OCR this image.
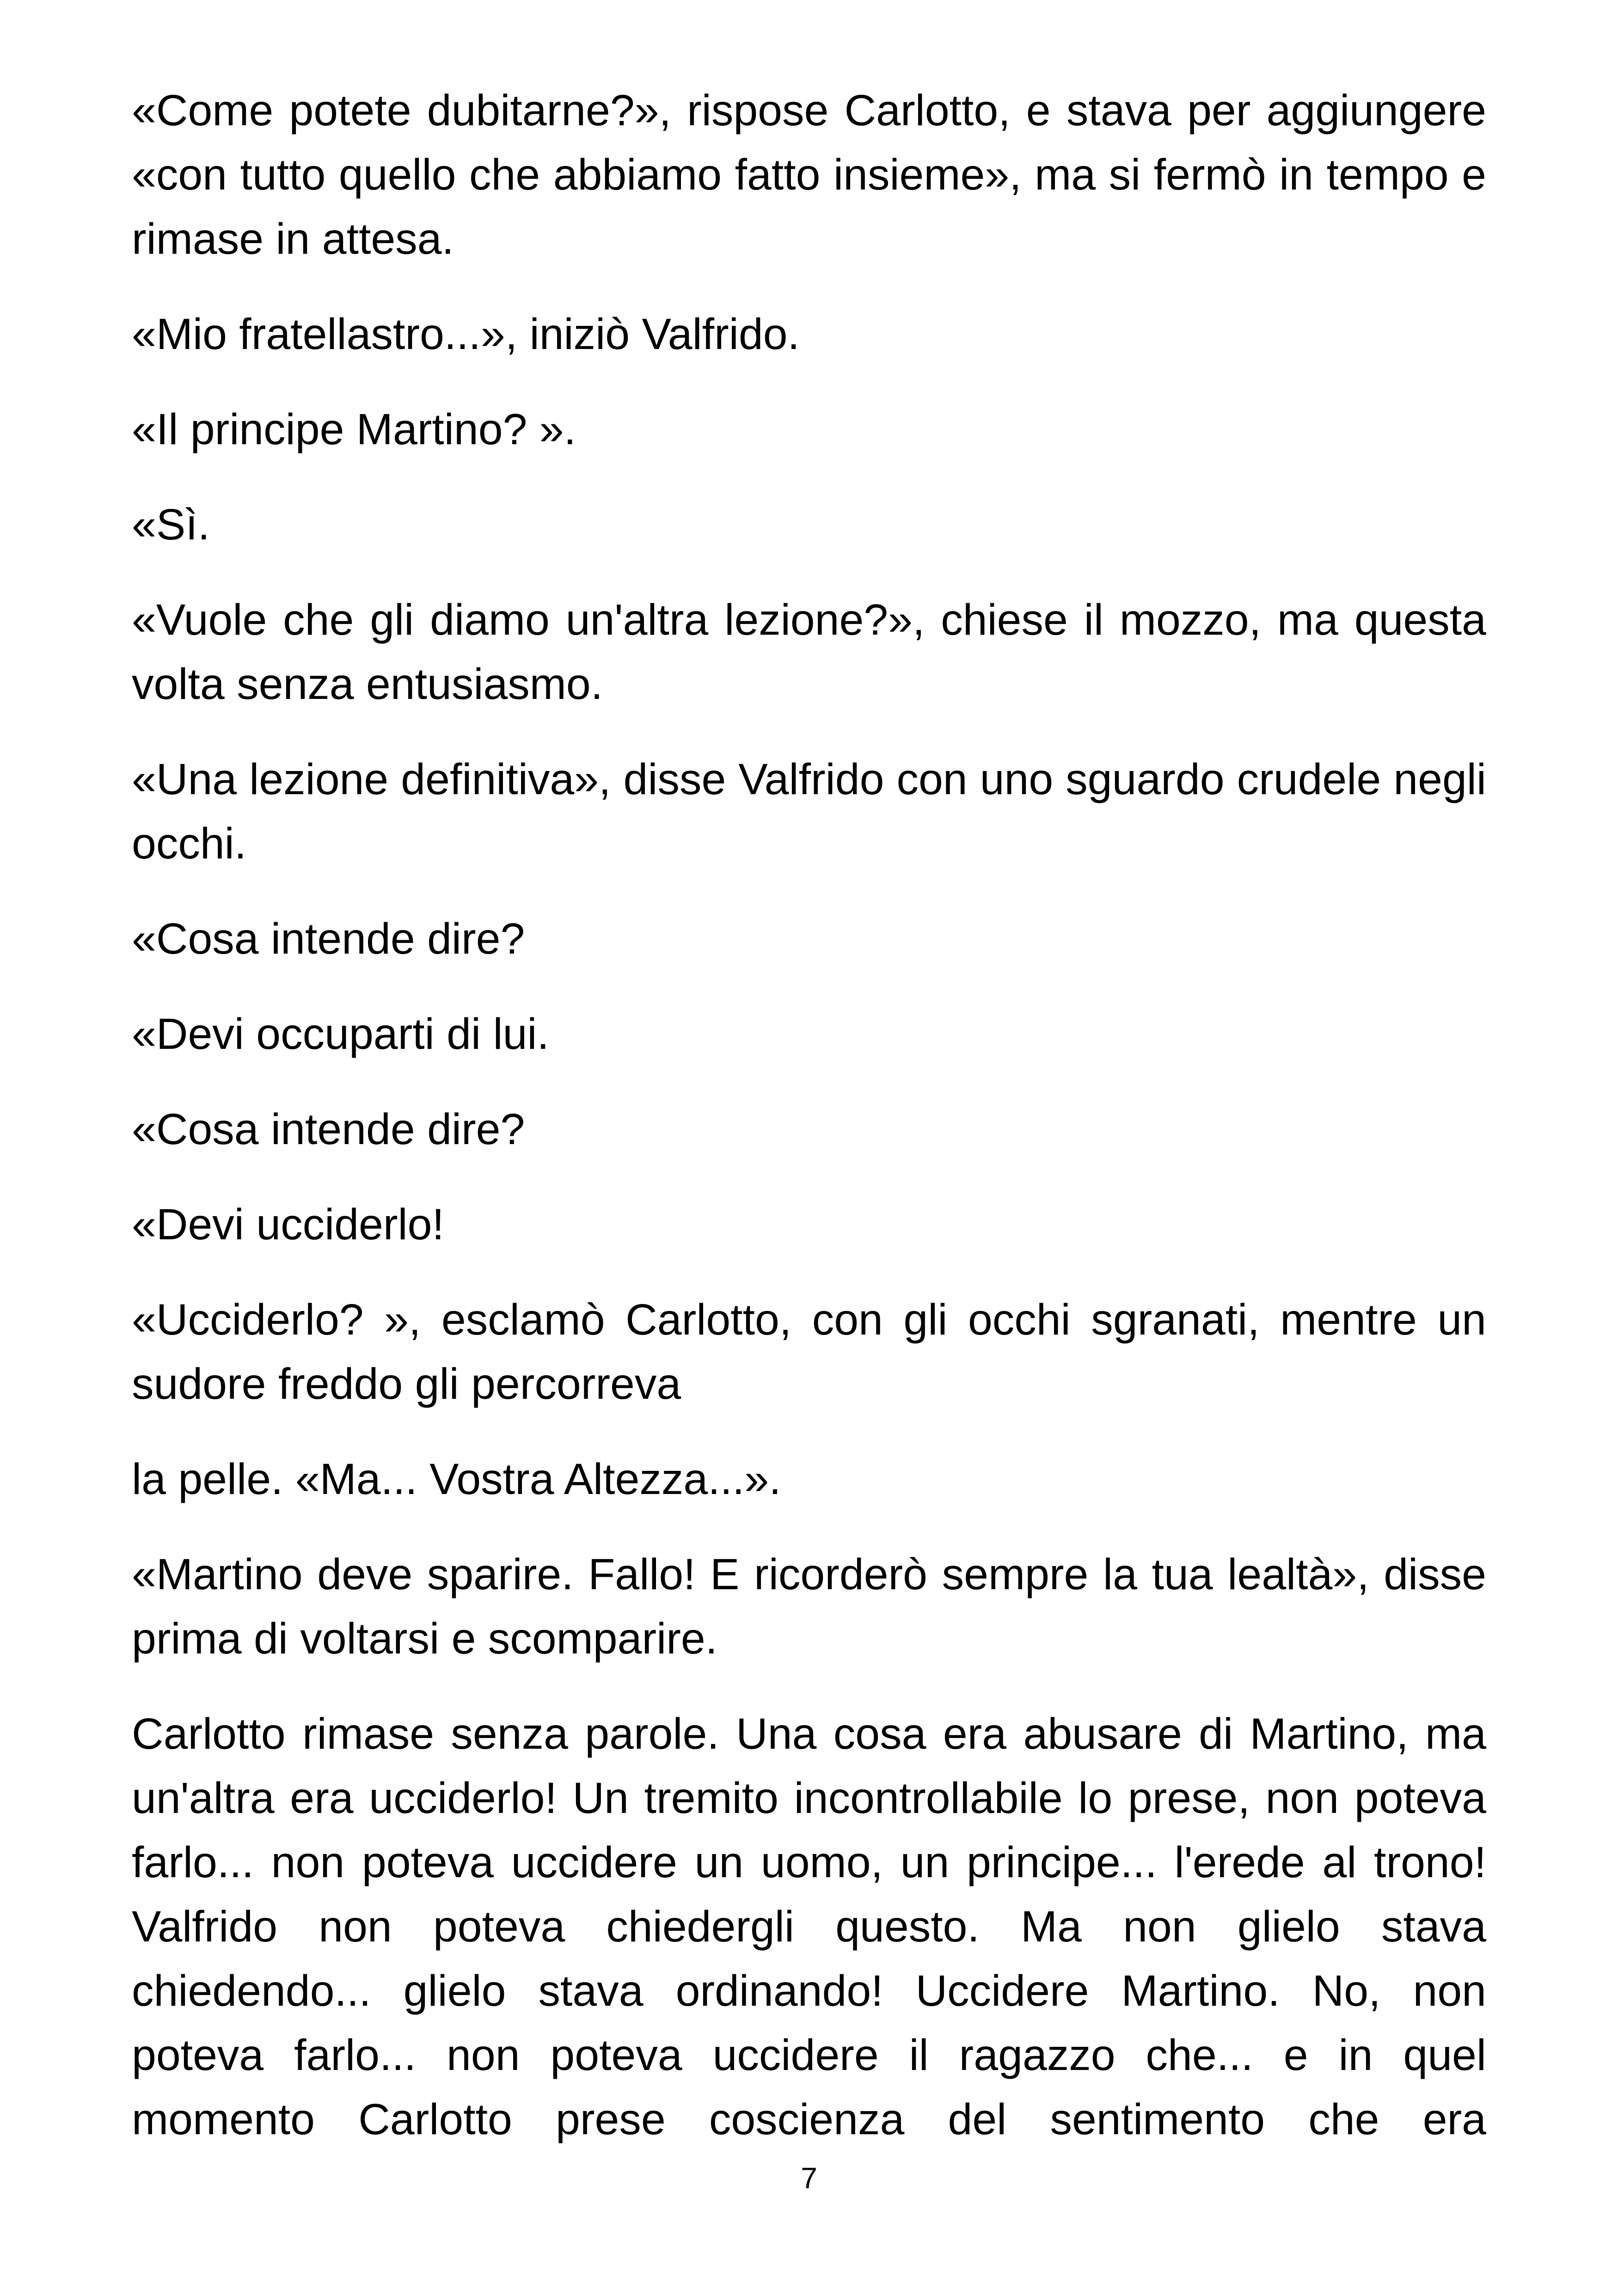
«Come potete dubitarne?», rispose Carlotto, e stava per aggiungere «con tutto quello che abbiamo fatto insieme», ma si fermò in tempo e rimase in attesa.

«Mio fratellastro...», iniziò Valfrido.

«Il principe Martino? ».

«Sì.

«Vuole che gli diamo un'altra lezione?», chiese il mozzo, ma questa volta senza entusiasmo.

«Una lezione definitiva», disse Valfrido con uno sguardo crudele negli occhi.

«Cosa intende dire?

«Devi occuparti di lui.

«Cosa intende dire?

«Devi ucciderlo!

«Ucciderlo? », esclamò Carlotto, con gli occhi sgranati, mentre un sudore freddo gli percorreva

la pelle. «Ma... Vostra Altezza...».

«Martino deve sparire. Fallo! E ricorderò sempre la tua lealtà», disse prima di voltarsi e scomparire.

Carlotto rimase senza parole. Una cosa era abusare di Martino, ma un'altra era ucciderlo! Un tremito incontrollabile lo prese, non poteva farlo... non poteva uccidere un uomo, un principe... l'erede al trono! Valfrido non poteva chiedergli questo. Ma non glielo stava chiedendo... glielo stava ordinando! Uccidere Martino. No, non poteva farlo... non poteva uccidere il ragazzo che... e in quel momento Carlotto prese coscienza del sentimento che era

7
